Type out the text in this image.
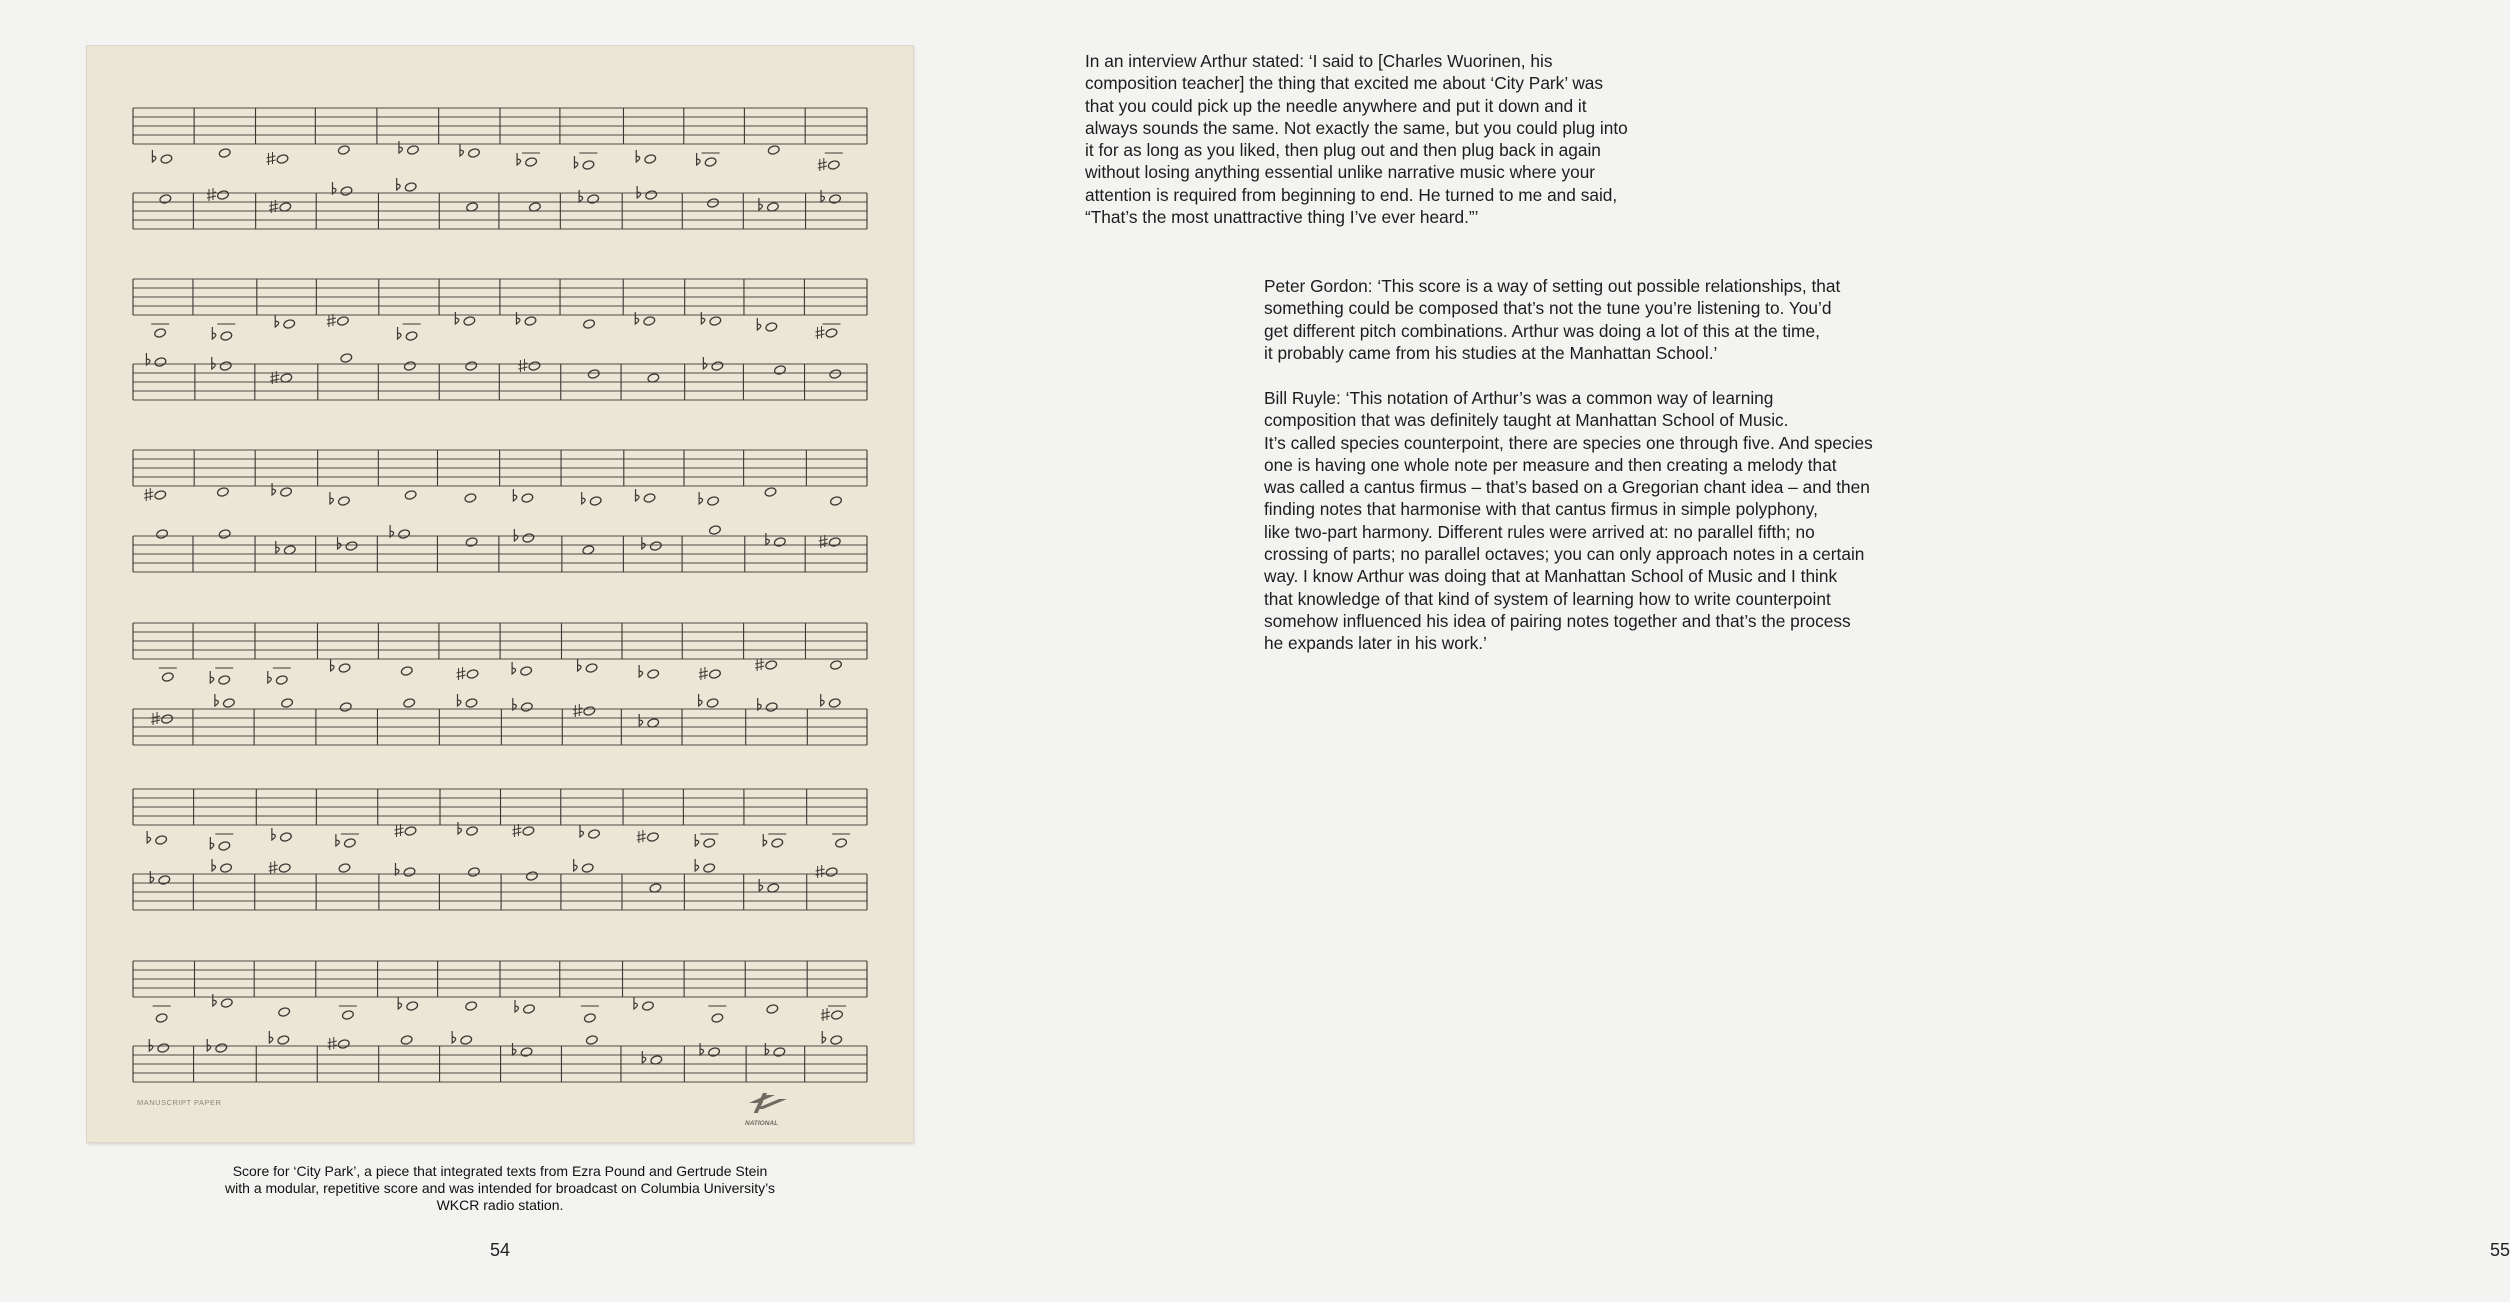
MANUSCRIPT PAPER
NATIONAL
Score for ‘City Park’, a piece that integrated texts from Ezra Pound and Gertrude Stein
with a modular, repetitive score and was intended for broadcast on Columbia University’s
WKCR radio station.
54
In an interview Arthur stated: ‘I said to [Charles Wuorinen, his
composition teacher] the thing that excited me about ‘City Park’ was
that you could pick up the needle anywhere and put it down and it
always sounds the same. Not exactly the same, but you could plug into
it for as long as you liked, then plug out and then plug back in again
without losing anything essential unlike narrative music where your
attention is required from beginning to end. He turned to me and said,
“That’s the most unattractive thing I’ve ever heard.”’
Peter Gordon: ‘This score is a way of setting out possible relationships, that
something could be composed that’s not the tune you’re listening to. You’d
get different pitch combinations. Arthur was doing a lot of this at the time,
it probably came from his studies at the Manhattan School.’
Bill Ruyle: ‘This notation of Arthur’s was a common way of learning
composition that was definitely taught at Manhattan School of Music.
It’s called species counterpoint, there are species one through five. And species
one is having one whole note per measure and then creating a melody that
was called a cantus firmus – that’s based on a Gregorian chant idea – and then
finding notes that harmonise with that cantus firmus in simple polyphony,
like two-part harmony. Different rules were arrived at: no parallel fifth; no
crossing of parts; no parallel octaves; you can only approach notes in a certain
way. I know Arthur was doing that at Manhattan School of Music and I think
that knowledge of that kind of system of learning how to write counterpoint
somehow influenced his idea of pairing notes together and that’s the process
he expands later in his work.’
55
